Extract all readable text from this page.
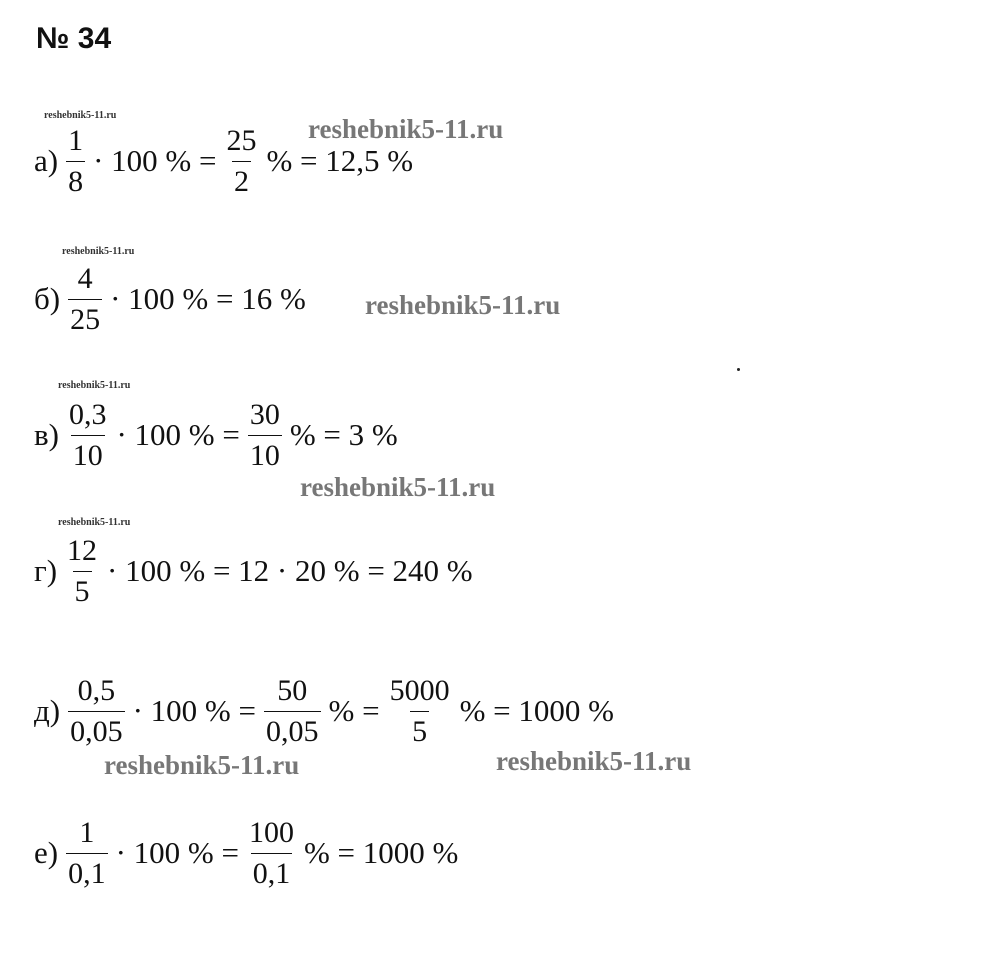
№ 34
reshebnik5-11.ru	reshebnik5-11.ru
$а) \frac{1}{8} \cdot 100$ % = $\frac{25}{2}$ % = 12,5 %
reshebnik5-11.ru
reshebnik5-11.ru
$б) \frac{4}{25} \cdot 100$ % = 16 %
reshebnik5-11.ru
$в) \frac{0,3}{10} \cdot 100$ % = $\frac{30}{10}$ % = 3 %
reshebnik5-11.ru
reshebnik5-11.ru
$г) \frac{12}{5} \cdot 100$ % = 12 · 20 % = 240 %
$д) \frac{0,5}{0,05} \cdot 100$ % = $\frac{50}{0,05}$ % = $\frac{5000}{5}$ % = 1000 %
reshebnik5-11.ru	reshebnik5-11.ru
$е) \frac{1}{0,1} \cdot 100$ % = $\frac{100}{0,1}$ % = 1000 %
